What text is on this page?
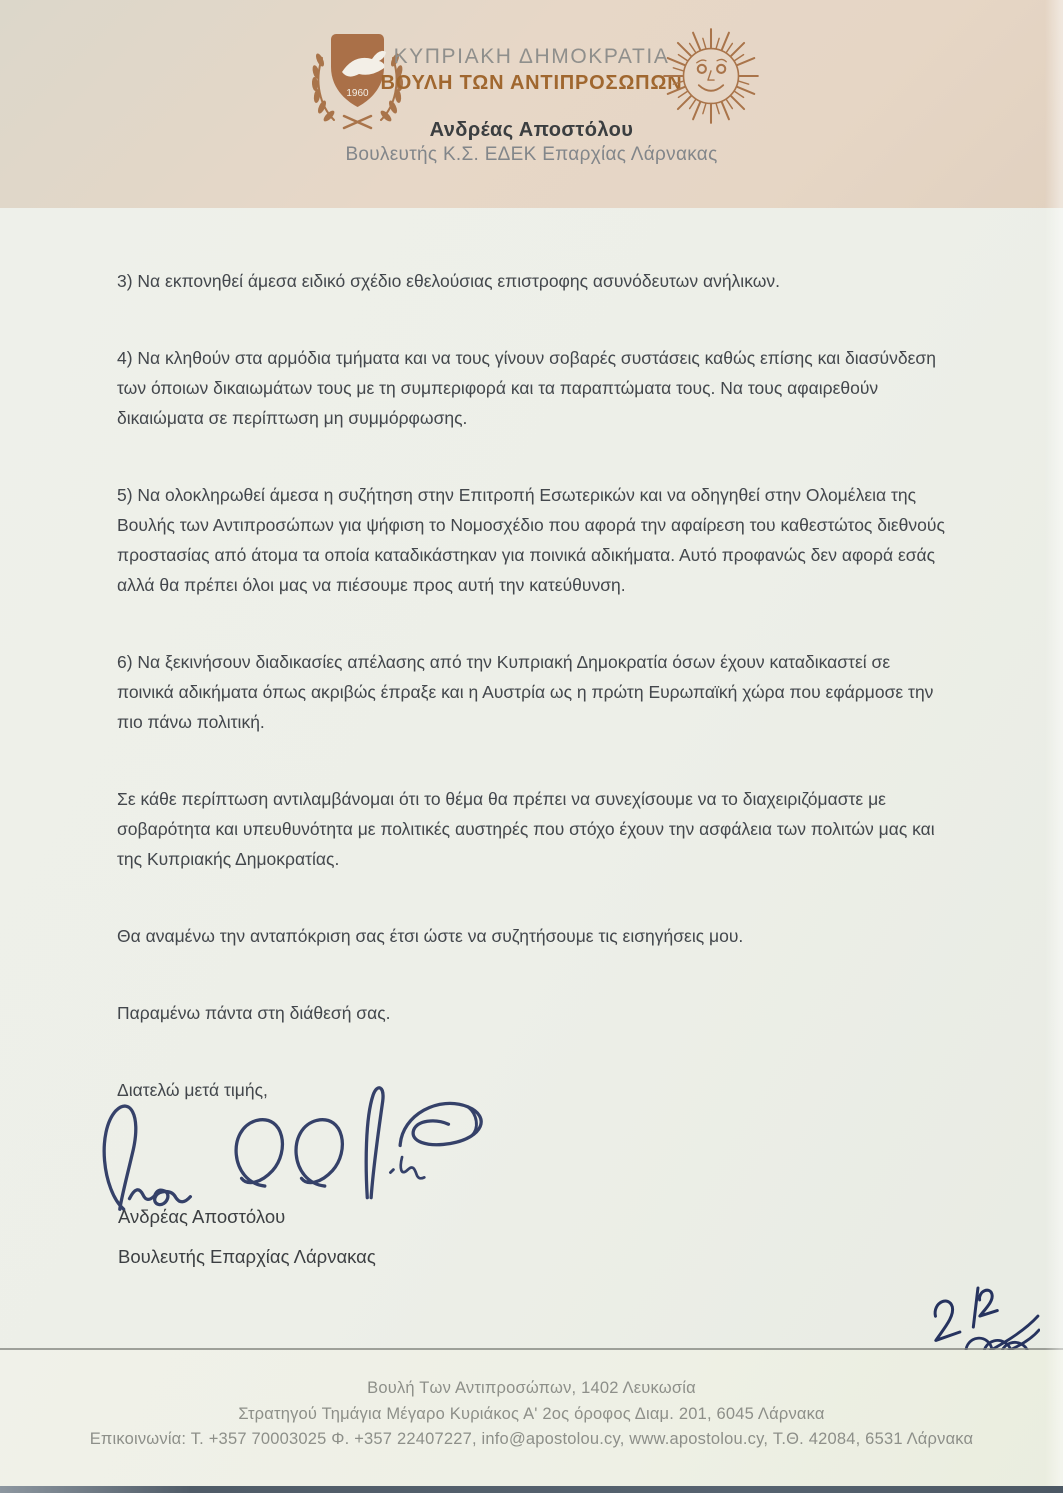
1960
ΚΥΠΡΙΑΚΗ ΔΗΜΟΚΡΑΤΙΑ
ΒΟΥΛΗ ΤΩΝ ΑΝΤΙΠΡΟΣΩΠΩΝ
Ανδρέας Αποστόλου
Βουλευτής Κ.Σ. ΕΔΕΚ Επαρχίας Λάρνακας

3) Να εκπονηθεί άμεσα ειδικό σχέδιο εθελούσιας επιστροφης ασυνόδευτων ανήλικων.

4) Να κληθούν στα αρμόδια τμήματα και να τους γίνουν σοβαρές συστάσεις καθώς επίσης και διασύνδεση των όποιων δικαιωμάτων τους με τη συμπεριφορά και τα παραπτώματα τους. Να τους αφαιρεθούν δικαιώματα σε περίπτωση μη συμμόρφωσης.

5) Να ολοκληρωθεί άμεσα η συζήτηση στην Επιτροπή Εσωτερικών και να οδηγηθεί στην Ολομέλεια της Βουλής των Αντιπροσώπων για ψήφιση το Νομοσχέδιο που αφορά την αφαίρεση του καθεστώτος διεθνούς προστασίας από άτομα τα οποία καταδικάστηκαν για ποινικά αδικήματα. Αυτό προφανώς δεν αφορά εσάς αλλά θα πρέπει όλοι μας να πιέσουμε προς αυτή την κατεύθυνση.

6) Να ξεκινήσουν διαδικασίες απέλασης από την Κυπριακή Δημοκρατία όσων έχουν καταδικαστεί σε ποινικά αδικήματα όπως ακριβώς έπραξε και η Αυστρία ως η πρώτη Ευρωπαϊκή χώρα που εφάρμοσε την πιο πάνω πολιτική.

Σε κάθε περίπτωση αντιλαμβάνομαι ότι το θέμα θα πρέπει να συνεχίσουμε να το διαχειριζόμαστε με σοβαρότητα και υπευθυνότητα με πολιτικές αυστηρές που στόχο έχουν την ασφάλεια των πολιτών μας και της Κυπριακής Δημοκρατίας.

Θα αναμένω την ανταπόκριση σας έτσι ώστε να συζητήσουμε τις εισηγήσεις μου.

Παραμένω πάντα στη διάθεσή σας.

Διατελώ μετά τιμής,

Ανδρέας Αποστόλου
Βουλευτής Επαρχίας Λάρνακας
Βουλή Των Αντιπροσώπων, 1402 Λευκωσία
Στρατηγού Τημάγια Μέγαρο Κυριάκος Α' 2ος όροφος Διαμ. 201, 6045 Λάρνακα
Επικοινωνία: Τ. +357 70003025 Φ. +357 22407227, info@apostolou.cy, www.apostolou.cy, Τ.Θ. 42084, 6531 Λάρνακα
